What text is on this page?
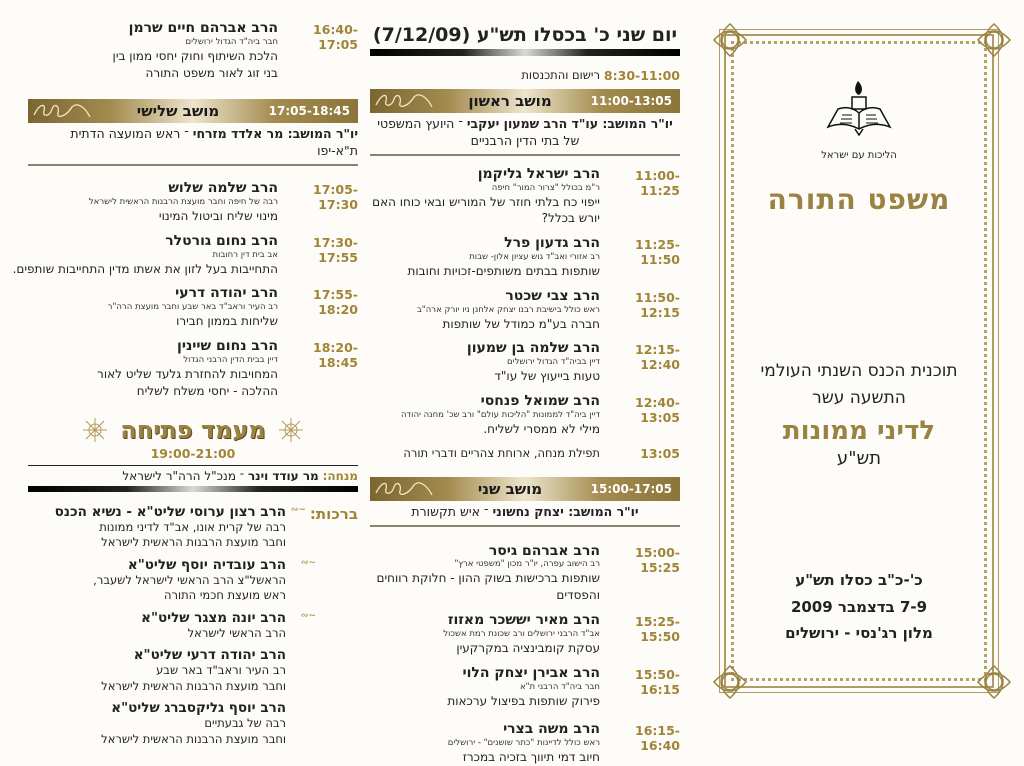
16:40-17:05
הרב אברהם חיים שרמן
חבר ביה"ד הגדול ירושלים
הלכת השיתוף וחוק יחסי ממון בין בני זוג לאור משפט התורה
17:05-18:45
מושב שלישי
יו"ר המושב: מר אלדד מזרחי ־ ראש המועצה הדתית ת"א-יפו
17:05-17:30
הרב שלמה שלוש
רבה של חיפה וחבר מועצת הרבנות הראשית לישראל
מינוי שליח וביטול המינוי
17:30-17:55
הרב נחום גורטלר
אב בית דין רחובות
התחייבות בעל לזון את אשתו מדין התחייבות שותפים.
17:55-18:20
הרב יהודה דרעי
רב העיר וראב"ד באר שבע וחבר מועצת הרה"ר
שליחות בממון חבירו
18:20-18:45
הרב נחום שיינין
דיין בבית הדין הרבני הגדול
המחויבות להחזרת גלעד שליט לאור ההלכה - יחסי משלח לשליח
מעמד פתיחה
19:00-21:00
מנחה: מר עודד וינר ־ מנכ"ל הרה"ר לישראל
ברכות:
∽∾
הרב רצון ערוסי שליט"א - נשיא הכנס
רבה של קרית אונו, אב"ד לדיני ממונות
וחבר מועצת הרבנות הראשית לישראל
∽∾
הרב עובדיה יוסף שליט"א
הראשל"צ הרב הראשי לישראל לשעבר,
ראש מועצת חכמי התורה
∽∾
הרב יונה מצגר שליט"א
הרב הראשי לישראל
הרב יהודה דרעי שליט"א
רב העיר וראב"ד באר שבע
וחבר מועצת הרבנות הראשית לישראל
הרב יוסף גליקסברג שליט"א
רבה של גבעתיים
וחבר מועצת הרבנות הראשית לישראל
יום שני כ' בכסלו תש"ע (7/12/09)
8:30-11:00
רישום והתכנסות
11:00-13:05
מושב ראשון
יו"ר המושב: עו"ד הרב שמעון יעקבי ־ היועץ המשפטי של בתי הדין הרבניים
11:00-11:25
הרב ישראל גליקמן
ר"מ בכולל "צרור המור" חיפה
ייפוי כח בלתי חוזר של המוריש ובאי כוחו האם יורש בכלל?
11:25-11:50
הרב גדעון פרל
רב אזורי ואב"ד גוש עציון אלון- שבות
שותפות בבתים משותפים-זכויות וחובות
11:50-12:15
הרב צבי שכטר
ראש כולל בישיבת רבנו יצחק אלחנן ניו יורק ארה"ב
חברה בע"מ כמודל של שותפות
12:15-12:40
הרב שלמה בן שמעון
דיין בביה"ד הגדול ירושלים
טעות בייעוץ של עו"ד
12:40-13:05
הרב שמואל פנחסי
דיין ביה"ד לממונות "הליכות עולם" ורב שכ' מחנה יהודה
מילי לא ממסרי לשליח.
13:05
תפילת מנחה, ארוחת צהריים ודברי תורה
15:00-17:05
מושב שני
יו"ר המושב: יצחק נחשוני ־ איש תקשורת
15:00-15:25
הרב אברהם גיסר
רב הישוב עפרה, יו"ר מכון "משפטי ארץ"
שותפות ברכישות בשוק ההון - חלוקת רווחים והפסדים
15:25-15:50
הרב מאיר יששכר מאזוז
אב"ד הרבני ירושלים ורב שכונת רמת אשכול
עסקת קומבינציה במקרקעין
15:50-16:15
הרב אבירן יצחק הלוי
חבר ביה"ד הרבני ת"א
פירוק שותפות בפיצול ערכאות
16:15-16:40
הרב משה בצרי
ראש כולל לדיינות "כתר שושנים" - ירושלים
חיוב דמי תיווך בזכיה במכרז
הליכות עם ישראל
משפט התורה
תוכנית הכנס השנתי העולמי
התשעה עשר
לדיני ממונות
תש"ע
כ'-כ"ב כסלו תש"ע
7-9 בדצמבר 2009
מלון רג'נסי - ירושלים
